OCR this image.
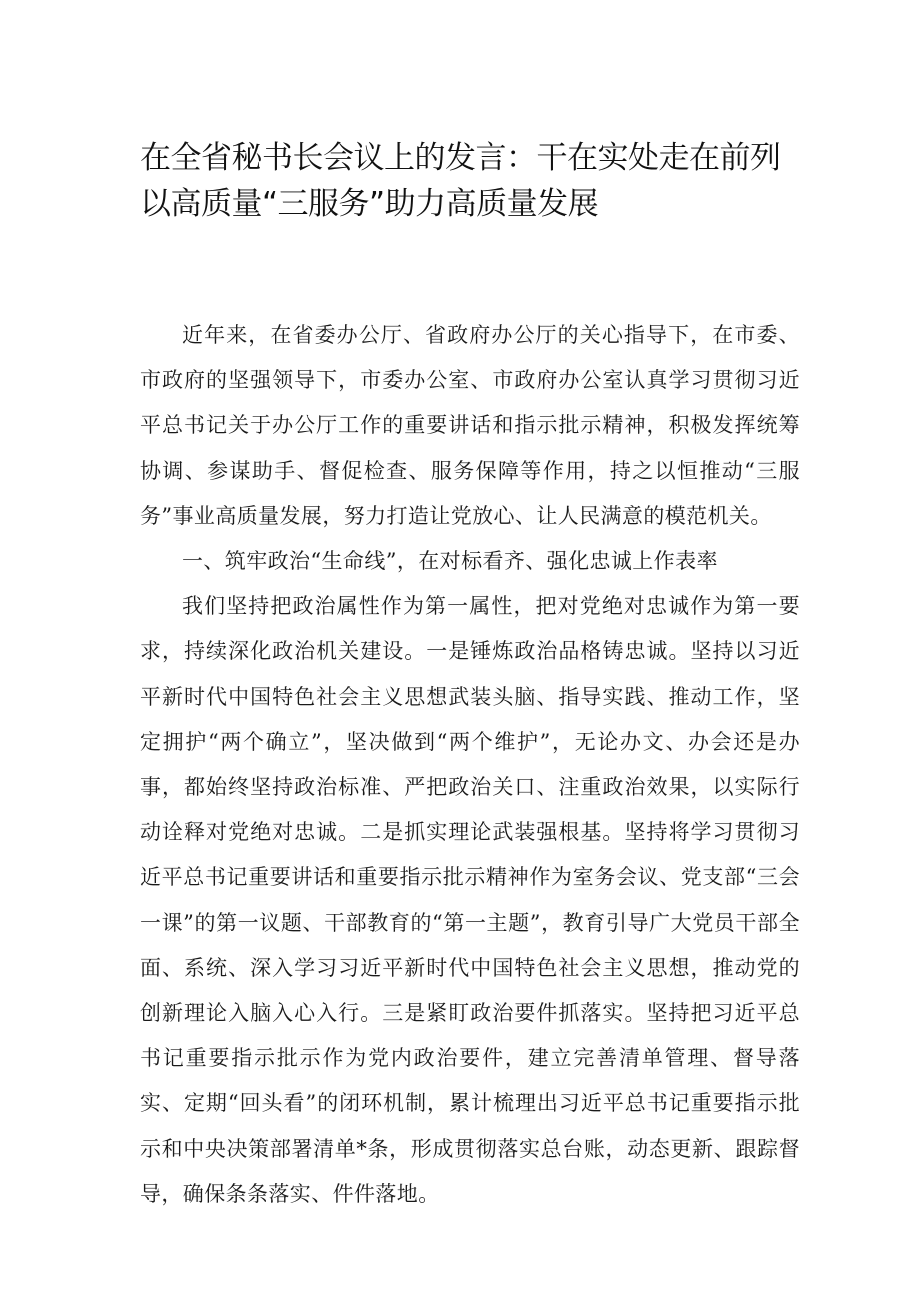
在全省秘书长会议上的发言：干在实处走在前列
以高质量“三服务”助力高质量发展

近年来，在省委办公厅、省政府办公厅的关心指导下，在市委、市政府的坚强领导下，市委办公室、市政府办公室认真学习贯彻习近平总书记关于办公厅工作的重要讲话和指示批示精神，积极发挥统筹协调、参谋助手、督促检查、服务保障等作用，持之以恒推动“三服务”事业高质量发展，努力打造让党放心、让人民满意的模范机关。

一、筑牢政治“生命线”，在对标看齐、强化忠诚上作表率

我们坚持把政治属性作为第一属性，把对党绝对忠诚作为第一要求，持续深化政治机关建设。一是锤炼政治品格铸忠诚。坚持以习近平新时代中国特色社会主义思想武装头脑、指导实践、推动工作，坚定拥护“两个确立”，坚决做到“两个维护”，无论办文、办会还是办事，都始终坚持政治标准、严把政治关口、注重政治效果，以实际行动诠释对党绝对忠诚。二是抓实理论武装强根基。坚持将学习贯彻习近平总书记重要讲话和重要指示批示精神作为室务会议、党支部“三会一课”的第一议题、干部教育的“第一主题”，教育引导广大党员干部全面、系统、深入学习习近平新时代中国特色社会主义思想，推动党的创新理论入脑入心入行。三是紧盯政治要件抓落实。坚持把习近平总书记重要指示批示作为党内政治要件，建立完善清单管理、督导落实、定期“回头看”的闭环机制，累计梳理出习近平总书记重要指示批示和中央决策部署清单*条，形成贯彻落实总台账，动态更新、跟踪督导，确保条条落实、件件落地。
